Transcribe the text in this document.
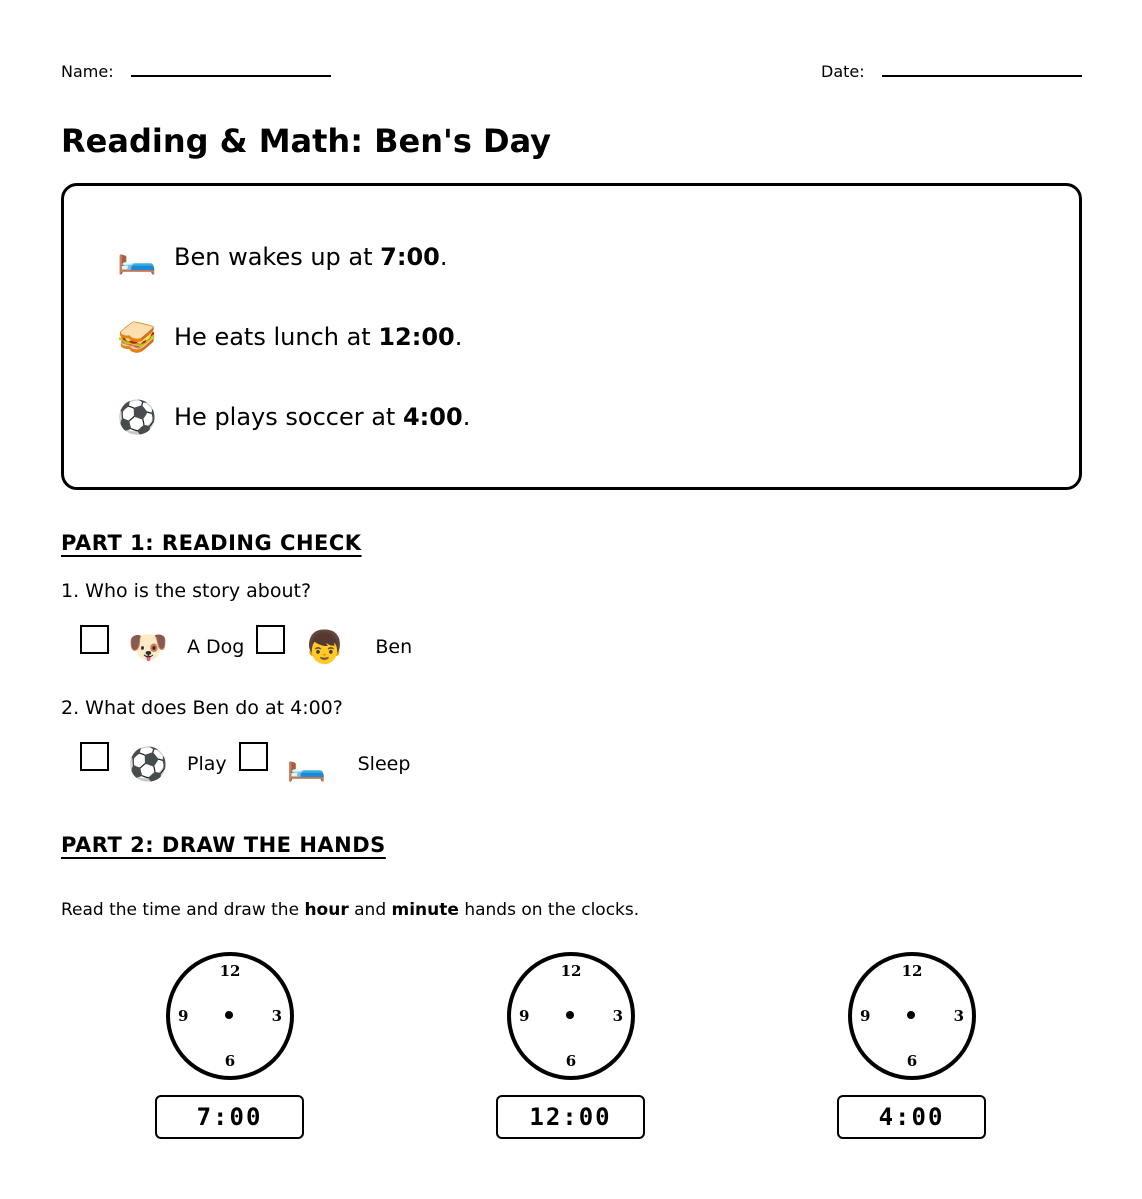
Name:	Date:
Reading & Math: Ben's Day
🛏️ Ben wakes up at 7:00.
🥪 He eats lunch at 12:00.
⚽ He plays soccer at 4:00.
PART 1: READING CHECK
1. Who is the story about?
🐶	A Dog	👦	Ben
2. What does Ben do at 4:00?
⚽	Play	🛏️	Sleep
PART 2: DRAW THE HANDS
Read the time and draw the hour and minute hands on the clocks.
12
3
6
9
12
3
6
9
12
3
6
9
7:00	12:00	4:00
